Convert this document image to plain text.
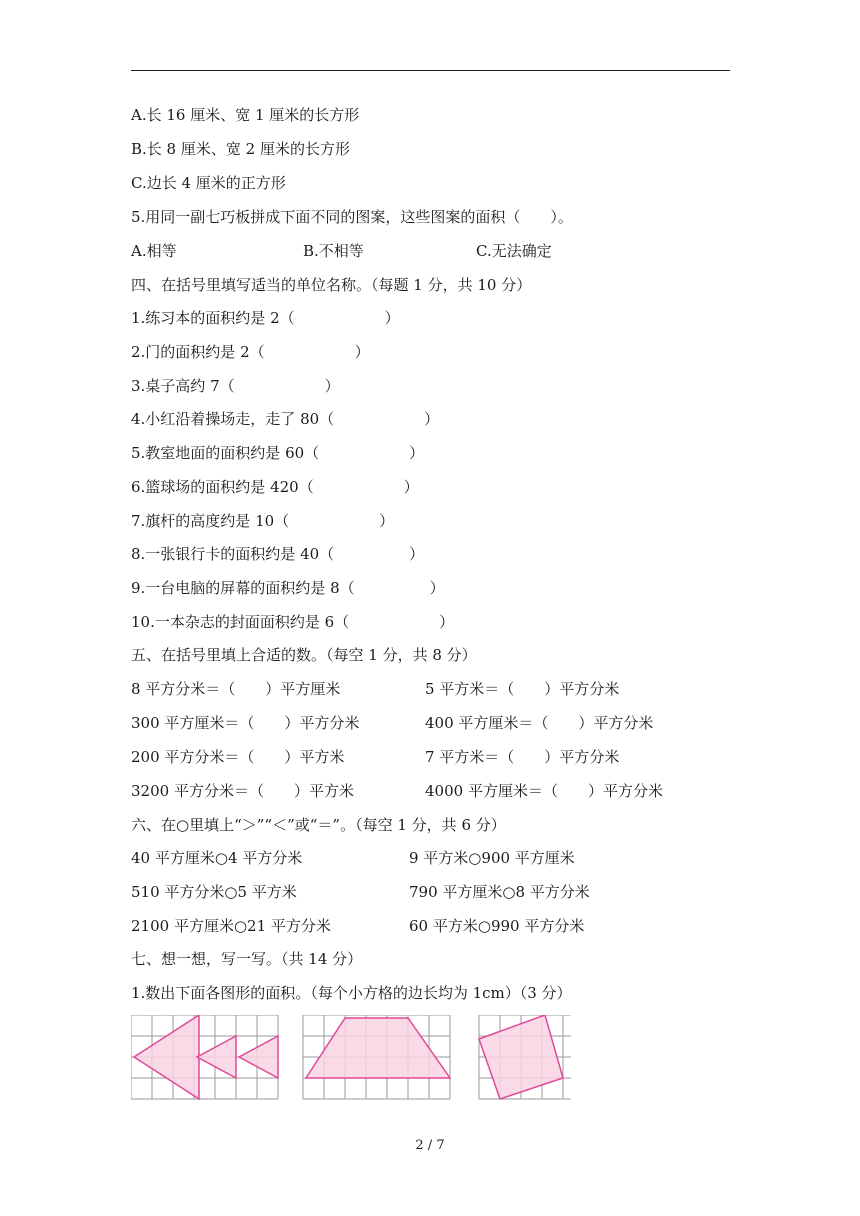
A.长 16 厘米、宽 1 厘米的长方形
B.长 8 厘米、宽 2 厘米的长方形
C.边长 4 厘米的正方形
5.用同一副七巧板拼成下面不同的图案，这些图案的面积（　　）。
A.相等	B.不相等	C.无法确定
四、在括号里填写适当的单位名称。（每题 1 分，共 10 分）
1.练习本的面积约是 2（　　　　　　）
2.门的面积约是 2（　　　　　　）
3.桌子高约 7（　　　　　　）
4.小红沿着操场走，走了 80（　　　　　　）
5.教室地面的面积约是 60（　　　　　　）
6.篮球场的面积约是 420（　　　　　　）
7.旗杆的高度约是 10（　　　　　　）
8.一张银行卡的面积约是 40（　　　　　）
9.一台电脑的屏幕的面积约是 8（　　　　　）
10.一本杂志的封面面积约是 6（　　　　　　）
五、在括号里填上合适的数。（每空 1 分，共 8 分）
8 平方分米＝（　　）平方厘米	5 平方米＝（　　）平方分米
300 平方厘米＝（　　）平方分米	400 平方厘米＝（　　）平方分米
200 平方分米＝（　　）平方米	7 平方米＝（　　）平方分米
3200 平方分米＝（　　）平方米	4000 平方厘米＝（　　）平方分米
六、在○里填上“＞”“＜”或“＝”。（每空 1 分，共 6 分）
40 平方厘米○4 平方分米	9 平方米○900 平方厘米
510 平方分米○5 平方米	790 平方厘米○8 平方分米
2100 平方厘米○21 平方分米	60 平方米○990 平方分米
七、想一想，写一写。（共 14 分）
1.数出下面各图形的面积。（每个小方格的边长均为 1cm）（3 分）
2 / 7
